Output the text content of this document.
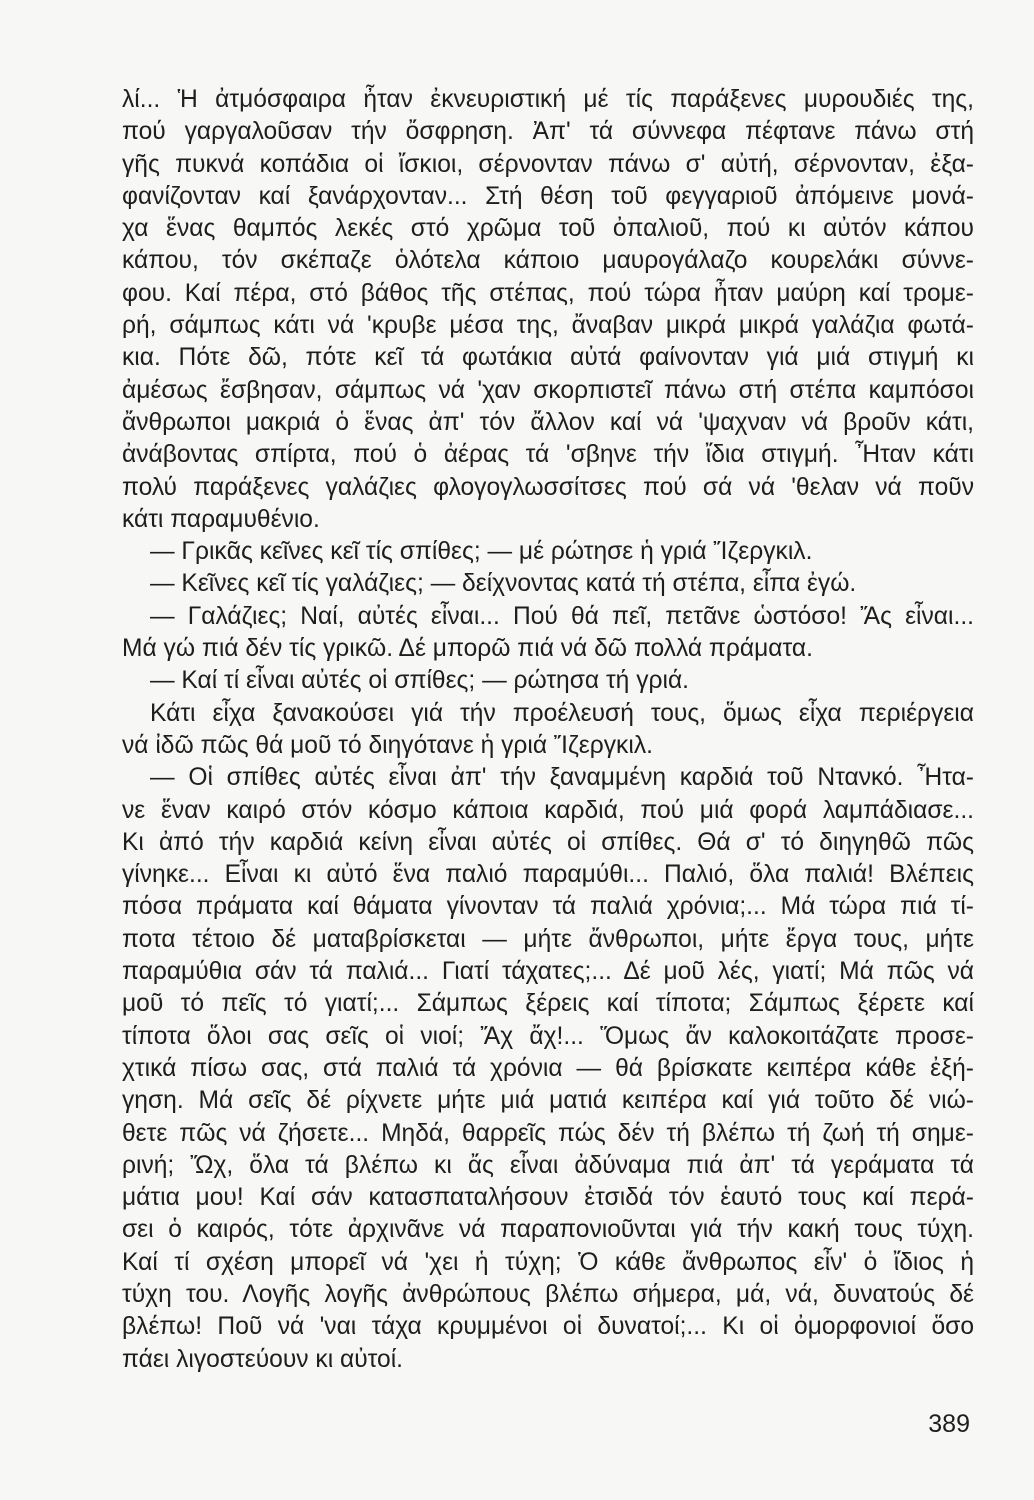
λί... Ἡ ἀτμόσφαιρα ἦταν ἐκνευριστική μέ τίς παράξενες μυρουδιές της,
πού γαργαλοῦσαν τήν ὄσφρηση. Ἀπ' τά σύννεφα πέφτανε πάνω στή
γῆς πυκνά κοπάδια οἱ ἴσκιοι, σέρνονταν πάνω σ' αὐτή, σέρνονταν, ἐξα-
φανίζονταν καί ξανάρχονταν... Στή θέση τοῦ φεγγαριοῦ ἀπόμεινε μονά-
χα ἕνας θαμπός λεκές στό χρῶμα τοῦ ὀπαλιοῦ, πού κι αὐτόν κάπου
κάπου, τόν σκέπαζε ὁλότελα κάποιο μαυρογάλαζο κουρελάκι σύννε-
φου. Καί πέρα, στό βάθος τῆς στέπας, πού τώρα ἦταν μαύρη καί τρομε-
ρή, σάμπως κάτι νά 'κρυβε μέσα της, ἄναβαν μικρά μικρά γαλάζια φωτά-
κια. Πότε δῶ, πότε κεῖ τά φωτάκια αὐτά φαίνονταν γιά μιά στιγμή κι
ἀμέσως ἔσβησαν, σάμπως νά 'χαν σκορπιστεῖ πάνω στή στέπα καμπόσοι
ἄνθρωποι μακριά ὁ ἕνας ἀπ' τόν ἄλλον καί νά 'ψαχναν νά βροῦν κάτι,
ἀνάβοντας σπίρτα, πού ὁ ἀέρας τά 'σβηνε τήν ἴδια στιγμή. Ἦταν κάτι
πολύ παράξενες γαλάζιες φλογογλωσσίτσες πού σά νά 'θελαν νά ποῦν
κάτι παραμυθένιο.
— Γρικᾶς κεῖνες κεῖ τίς σπίθες; — μέ ρώτησε ἡ γριά Ἴζεργκιλ.
— Κεῖνες κεῖ τίς γαλάζιες; — δείχνοντας κατά τή στέπα, εἶπα ἐγώ.
— Γαλάζιες; Ναί, αὐτές εἶναι... Πού θά πεῖ, πετᾶνε ὡστόσο! Ἄς εἶναι...
Μά γώ πιά δέν τίς γρικῶ. Δέ μπορῶ πιά νά δῶ πολλά πράματα.
— Καί τί εἶναι αὐτές οἱ σπίθες; — ρώτησα τή γριά.
Κάτι εἶχα ξανακούσει γιά τήν προέλευσή τους, ὅμως εἶχα περιέργεια
νά ἰδῶ πῶς θά μοῦ τό διηγότανε ἡ γριά Ἴζεργκιλ.
— Οἱ σπίθες αὐτές εἶναι ἀπ' τήν ξαναμμένη καρδιά τοῦ Ντανκό. Ἦτα-
νε ἕναν καιρό στόν κόσμο κάποια καρδιά, πού μιά φορά λαμπάδιασε...
Κι ἀπό τήν καρδιά κείνη εἶναι αὐτές οἱ σπίθες. Θά σ' τό διηγηθῶ πῶς
γίνηκε... Εἶναι κι αὐτό ἕνα παλιό παραμύθι... Παλιό, ὅλα παλιά! Βλέπεις
πόσα πράματα καί θάματα γίνονταν τά παλιά χρόνια;... Μά τώρα πιά τί-
ποτα τέτοιο δέ ματαβρίσκεται — μήτε ἄνθρωποι, μήτε ἔργα τους, μήτε
παραμύθια σάν τά παλιά... Γιατί τάχατες;... Δέ μοῦ λές, γιατί; Μά πῶς νά
μοῦ τό πεῖς τό γιατί;... Σάμπως ξέρεις καί τίποτα; Σάμπως ξέρετε καί
τίποτα ὅλοι σας σεῖς οἱ νιοί; Ἄχ ἄχ!... Ὅμως ἄν καλοκοιτάζατε προσε-
χτικά πίσω σας, στά παλιά τά χρόνια — θά βρίσκατε κειπέρα κάθε ἐξή-
γηση. Μά σεῖς δέ ρίχνετε μήτε μιά ματιά κειπέρα καί γιά τοῦτο δέ νιώ-
θετε πῶς νά ζήσετε... Μηδά, θαρρεῖς πώς δέν τή βλέπω τή ζωή τή σημε-
ρινή; Ὤχ, ὅλα τά βλέπω κι ἄς εἶναι ἀδύναμα πιά ἀπ' τά γεράματα τά
μάτια μου! Καί σάν κατασπαταλήσουν ἐτσιδά τόν ἑαυτό τους καί περά-
σει ὁ καιρός, τότε ἀρχινᾶνε νά παραπονιοῦνται γιά τήν κακή τους τύχη.
Καί τί σχέση μπορεῖ νά 'χει ἡ τύχη; Ὁ κάθε ἄνθρωπος εἶν' ὁ ἴδιος ἡ
τύχη του. Λογῆς λογῆς ἀνθρώπους βλέπω σήμερα, μά, νά, δυνατούς δέ
βλέπω! Ποῦ νά 'ναι τάχα κρυμμένοι οἱ δυνατοί;... Κι οἱ ὀμορφονιοί ὅσο
πάει λιγοστεύουν κι αὐτοί.
389
